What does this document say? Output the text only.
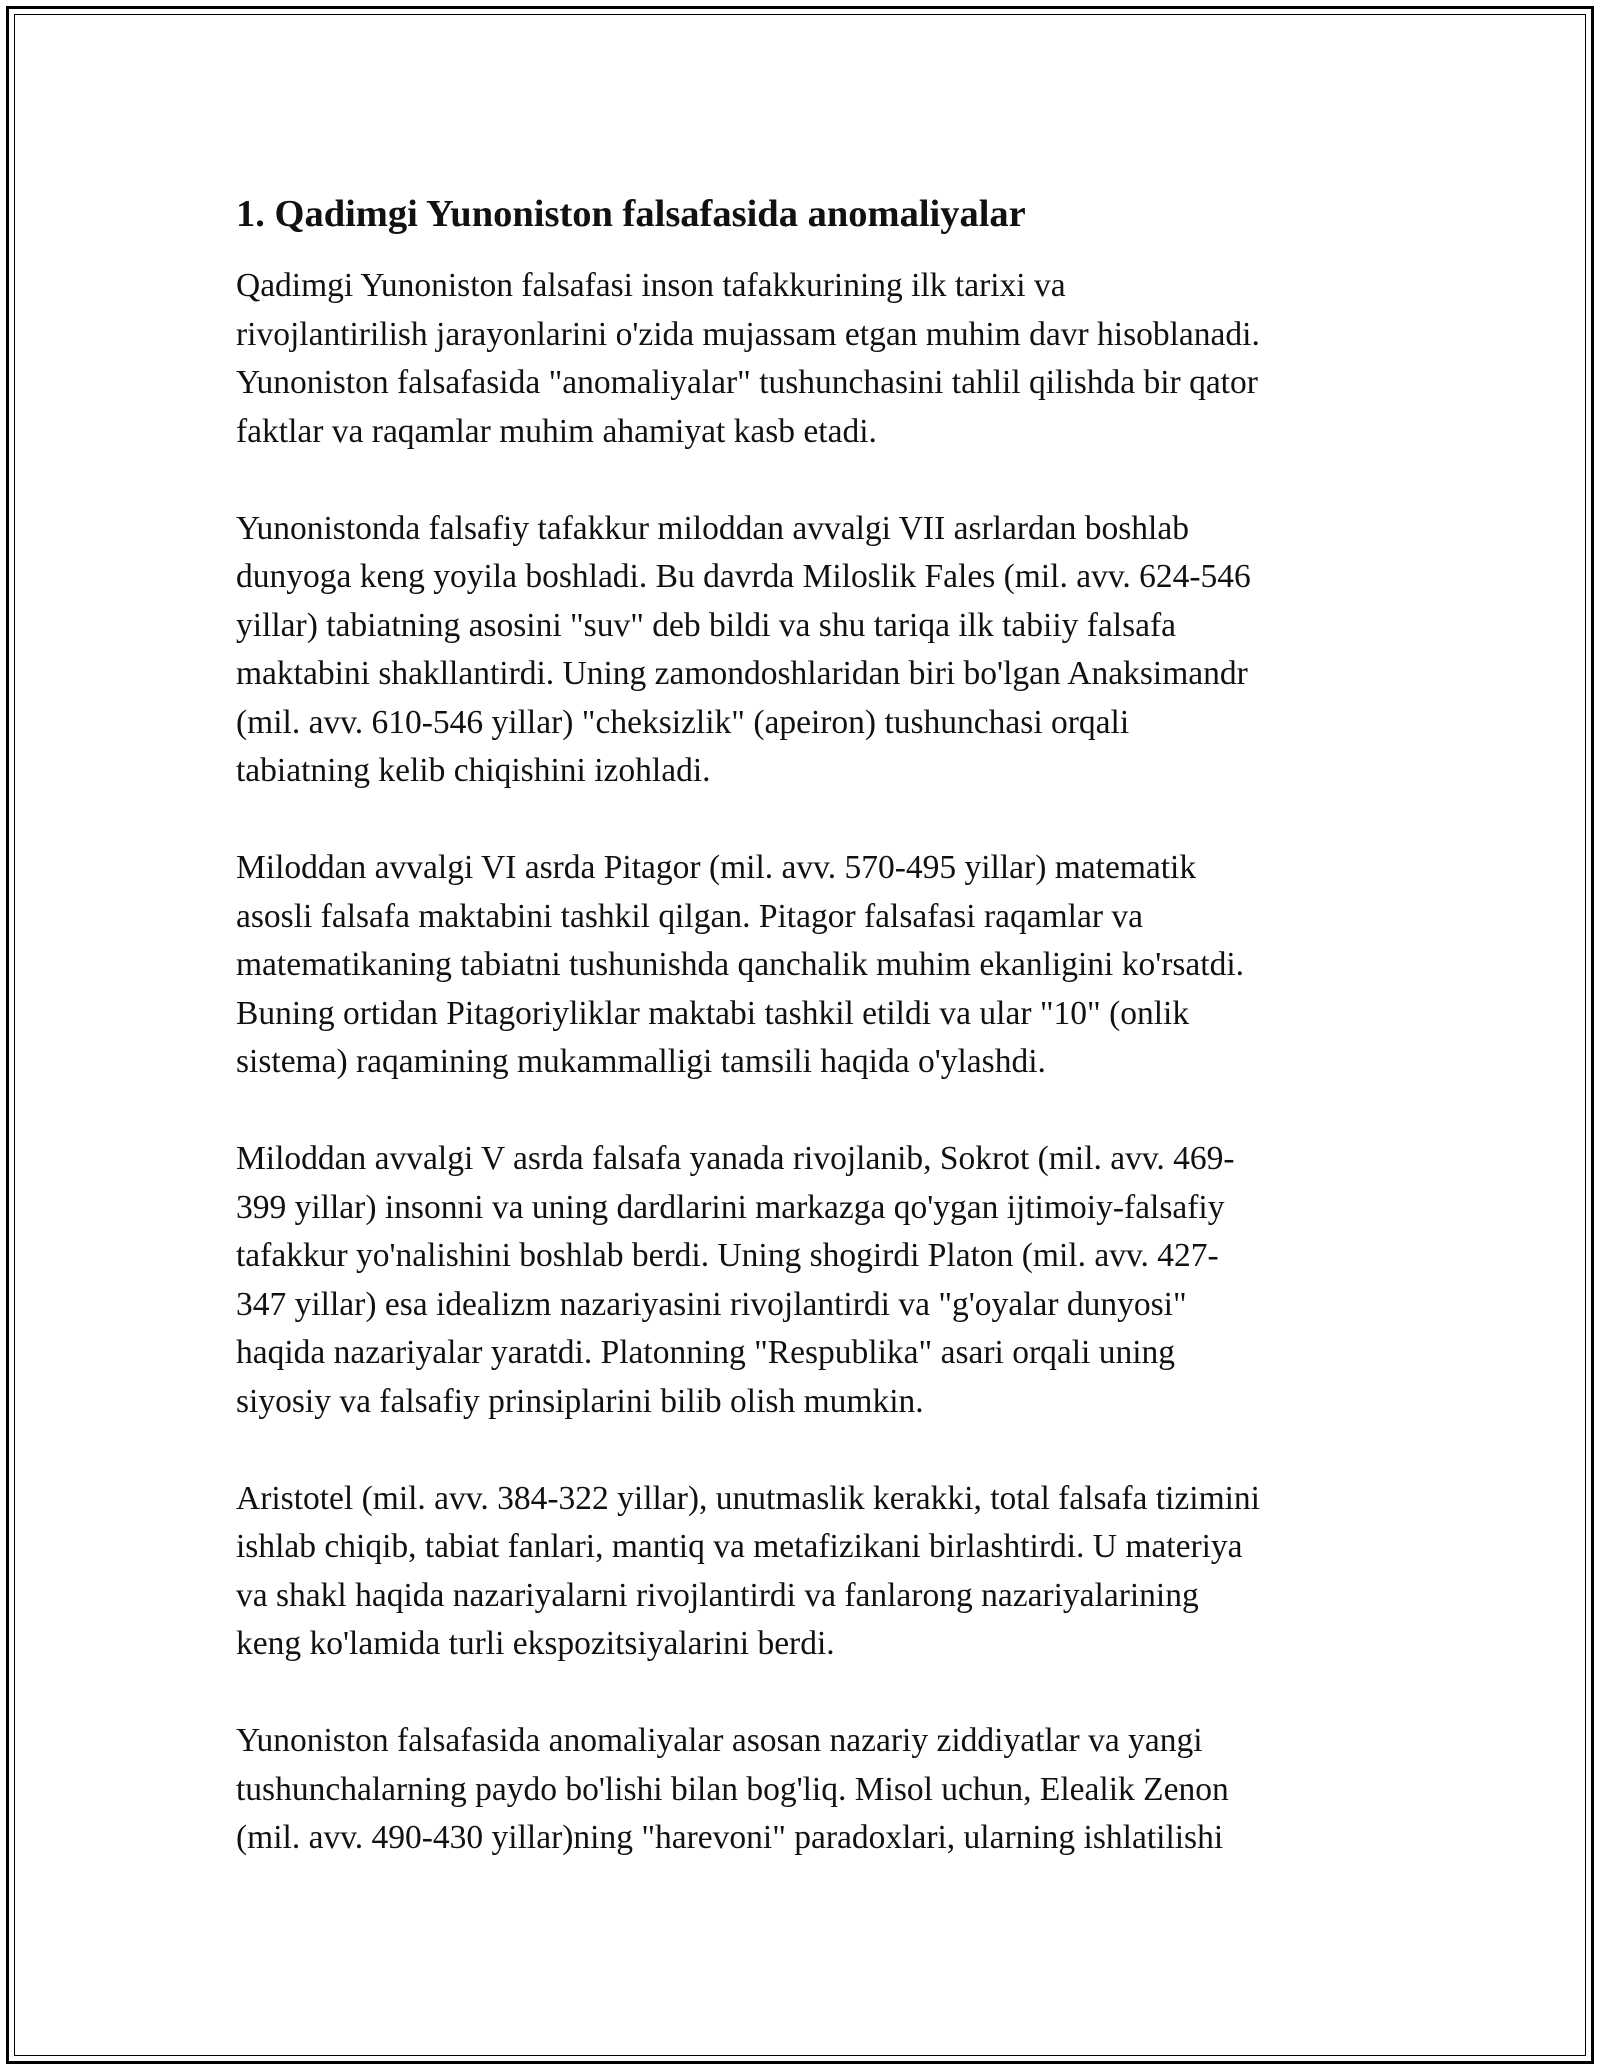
1. Qadimgi Yunoniston falsafasida anomaliyalar

Qadimgi Yunoniston falsafasi inson tafakkurining ilk tarixi va
rivojlantirilish jarayonlarini o'zida mujassam etgan muhim davr hisoblanadi.
Yunoniston falsafasida "anomaliyalar" tushunchasini tahlil qilishda bir qator
faktlar va raqamlar muhim ahamiyat kasb etadi.

Yunonistonda falsafiy tafakkur miloddan avvalgi VII asrlardan boshlab
dunyoga keng yoyila boshladi. Bu davrda Miloslik Fales (mil. avv. 624-546
yillar) tabiatning asosini "suv" deb bildi va shu tariqa ilk tabiiy falsafa
maktabini shakllantirdi. Uning zamondoshlaridan biri bo'lgan Anaksimandr
(mil. avv. 610-546 yillar) "cheksizlik" (apeiron) tushunchasi orqali
tabiatning kelib chiqishini izohladi.

Miloddan avvalgi VI asrda Pitagor (mil. avv. 570-495 yillar) matematik
asosli falsafa maktabini tashkil qilgan. Pitagor falsafasi raqamlar va
matematikaning tabiatni tushunishda qanchalik muhim ekanligini ko'rsatdi.
Buning ortidan Pitagoriyliklar maktabi tashkil etildi va ular "10" (onlik
sistema) raqamining mukammalligi tamsili haqida o'ylashdi.

Miloddan avvalgi V asrda falsafa yanada rivojlanib, Sokrot (mil. avv. 469-
399 yillar) insonni va uning dardlarini markazga qo'ygan ijtimoiy-falsafiy
tafakkur yo'nalishini boshlab berdi. Uning shogirdi Platon (mil. avv. 427-
347 yillar) esa idealizm nazariyasini rivojlantirdi va "g'oyalar dunyosi"
haqida nazariyalar yaratdi. Platonning "Respublika" asari orqali uning
siyosiy va falsafiy prinsiplarini bilib olish mumkin.

Aristotel (mil. avv. 384-322 yillar), unutmaslik kerakki, total falsafa tizimini
ishlab chiqib, tabiat fanlari, mantiq va metafizikani birlashtirdi. U materiya
va shakl haqida nazariyalarni rivojlantirdi va fanlarong nazariyalarining
keng ko'lamida turli ekspozitsiyalarini berdi.

Yunoniston falsafasida anomaliyalar asosan nazariy ziddiyatlar va yangi
tushunchalarning paydo bo'lishi bilan bog'liq. Misol uchun, Elealik Zenon
(mil. avv. 490-430 yillar)ning "harevoni" paradoxlari, ularning ishlatilishi
